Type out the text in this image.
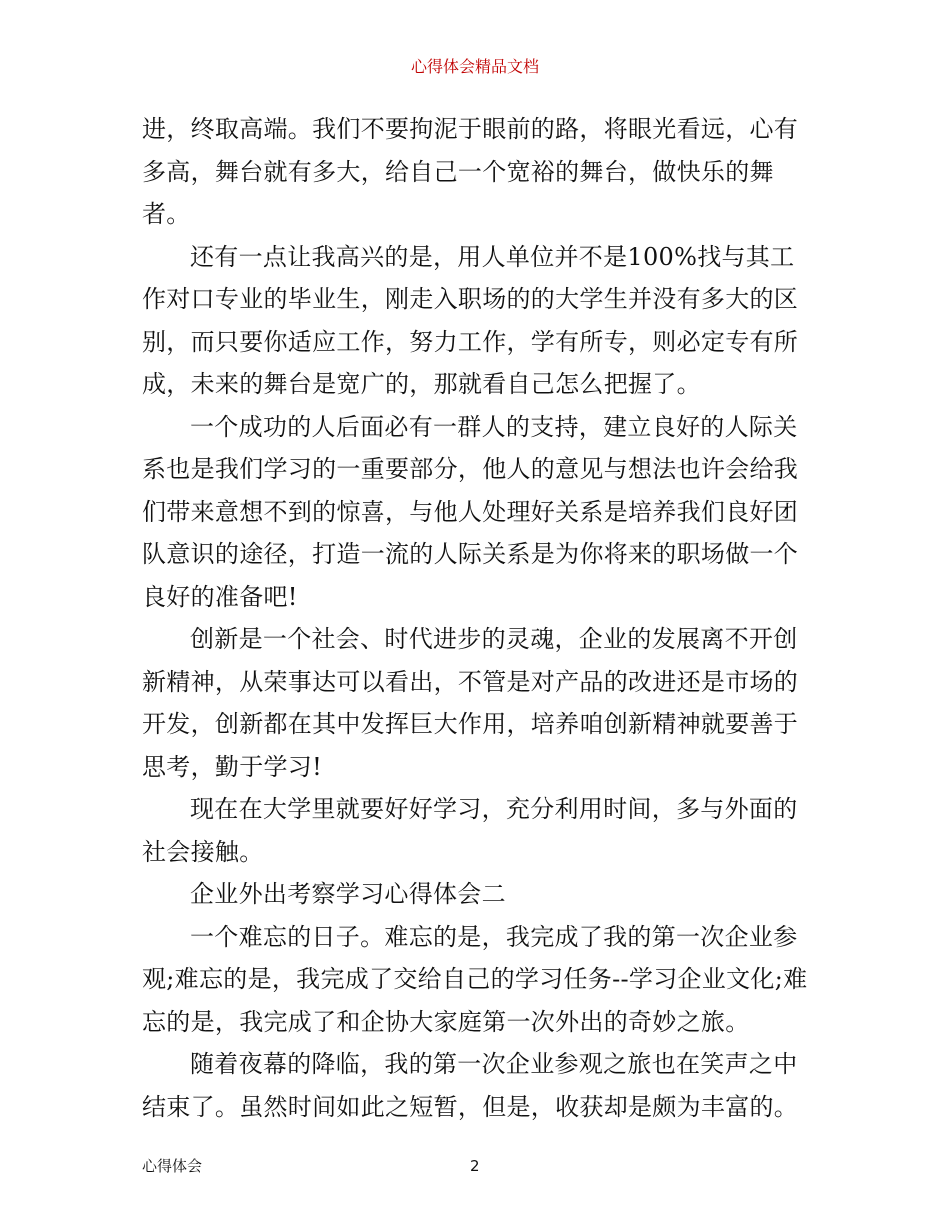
心得体会精品文档

进，终取高端。我们不要拘泥于眼前的路，将眼光看远，心有多高，舞台就有多大，给自己一个宽裕的舞台，做快乐的舞者。

还有一点让我高兴的是，用人单位并不是100%找与其工作对口专业的毕业生，刚走入职场的的大学生并没有多大的区别，而只要你适应工作，努力工作，学有所专，则必定专有所成，未来的舞台是宽广的，那就看自己怎么把握了。

一个成功的人后面必有一群人的支持，建立良好的人际关系也是我们学习的一重要部分，他人的意见与想法也许会给我们带来意想不到的惊喜，与他人处理好关系是培养我们良好团队意识的途径，打造一流的人际关系是为你将来的职场做一个良好的准备吧!

创新是一个社会、时代进步的灵魂，企业的发展离不开创新精神，从荣事达可以看出，不管是对产品的改进还是市场的开发，创新都在其中发挥巨大作用，培养咱创新精神就要善于思考，勤于学习!

现在在大学里就要好好学习，充分利用时间，多与外面的社会接触。

企业外出考察学习心得体会二

一个难忘的日子。难忘的是，我完成了我的第一次企业参观;难忘的是，我完成了交给自己的学习任务--学习企业文化;难忘的是，我完成了和企协大家庭第一次外出的奇妙之旅。

随着夜幕的降临，我的第一次企业参观之旅也在笑声之中结束了。虽然时间如此之短暂，但是，收获却是颇为丰富的。

心得体会	2
